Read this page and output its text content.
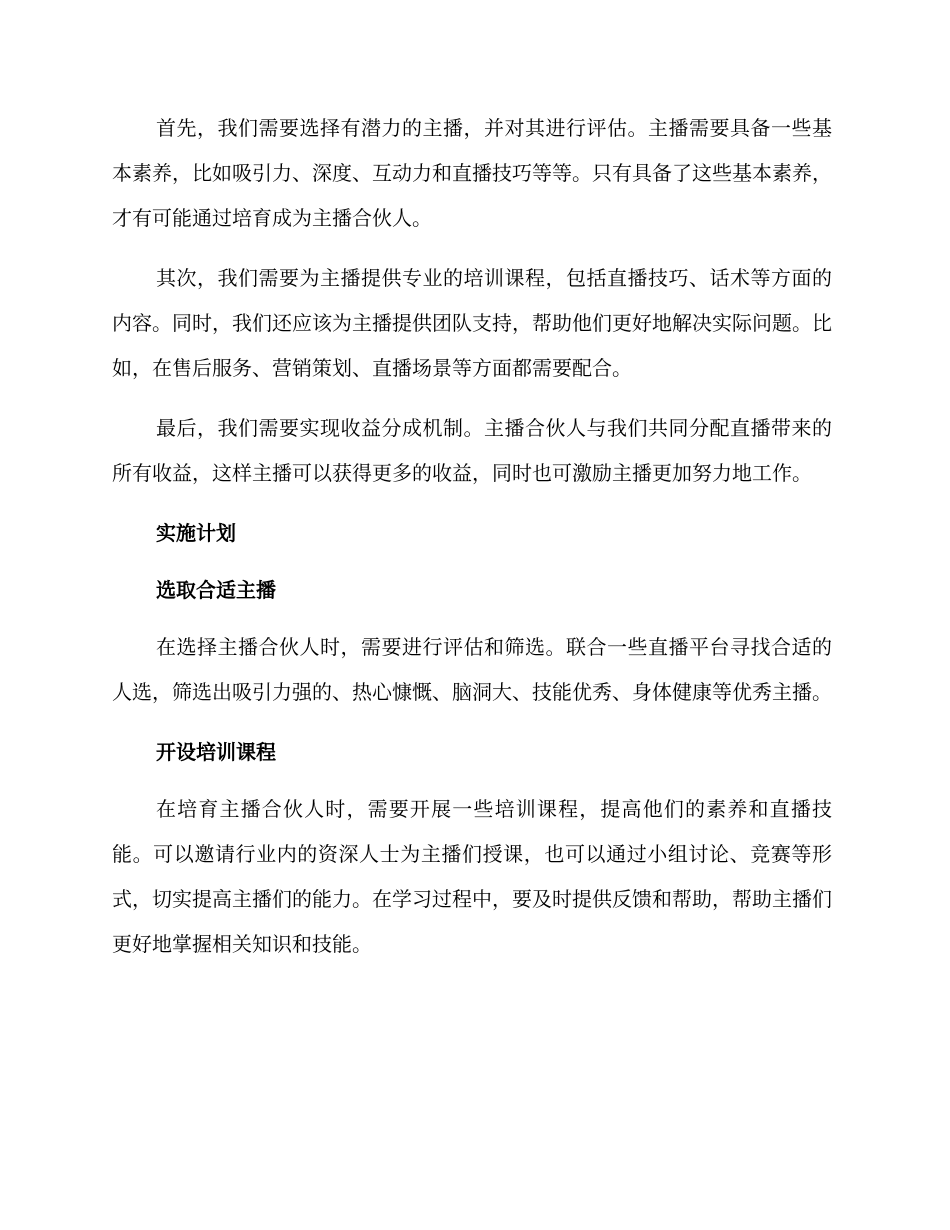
首先，我们需要选择有潜力的主播，并对其进行评估。主播需要具备一些基本素养，比如吸引力、深度、互动力和直播技巧等等。只有具备了这些基本素养，才有可能通过培育成为主播合伙人。

其次，我们需要为主播提供专业的培训课程，包括直播技巧、话术等方面的内容。同时，我们还应该为主播提供团队支持，帮助他们更好地解决实际问题。比如，在售后服务、营销策划、直播场景等方面都需要配合。

最后，我们需要实现收益分成机制。主播合伙人与我们共同分配直播带来的所有收益，这样主播可以获得更多的收益，同时也可激励主播更加努力地工作。

实施计划
选取合适主播

在选择主播合伙人时，需要进行评估和筛选。联合一些直播平台寻找合适的人选，筛选出吸引力强的、热心慷慨、脑洞大、技能优秀、身体健康等优秀主播。

开设培训课程

在培育主播合伙人时，需要开展一些培训课程，提高他们的素养和直播技能。可以邀请行业内的资深人士为主播们授课，也可以通过小组讨论、竞赛等形式，切实提高主播们的能力。在学习过程中，要及时提供反馈和帮助，帮助主播们更好地掌握相关知识和技能。
